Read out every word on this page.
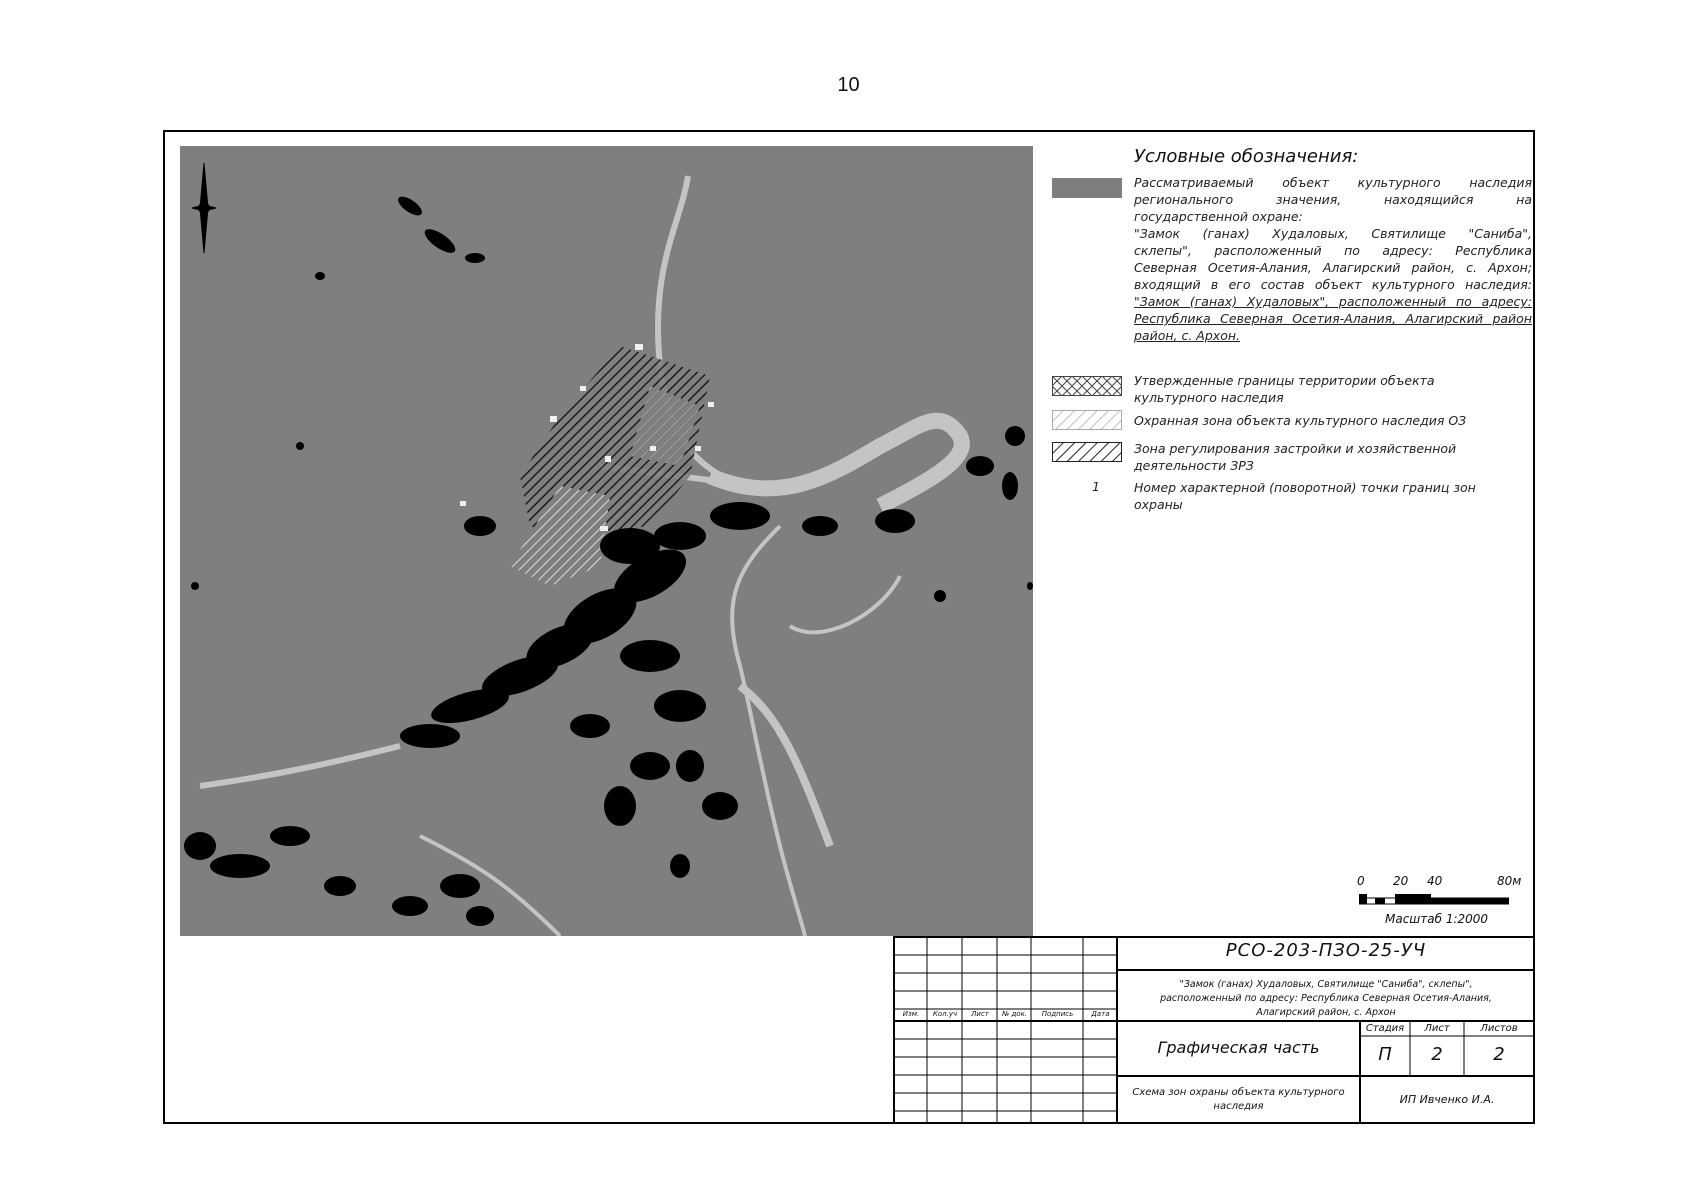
10
Условные обозначения:
Рассматриваемый объект культурного наследия
регионального значения, находящийся на
государственной охране:
"Замок (ганах) Худаловых, Святилище "Санибa",
склепы", расположенный по адресу: Республика
Северная Осетия-Алания, Алагирский район, с. Архон;
входящий в его состав объект культурного наследия:
"Замок (ганах) Худаловых", расположенный по адресу:
Республика Северная Осетия-Алания, Алагирский район
район, с. Архон.
Утвержденные границы территории объекта
культурного наследия
Охранная зона объекта культурного наследия ОЗ
Зона регулирования застройки и хозяйственной
деятельности ЗРЗ
1	Номер характерной (поворотной) точки границ зон
охраны
0 20 40	80м
Масштаб 1:2000
Изм.	Кол.уч	Лист	№ док.	Подпись	Дата
РСО-203-ПЗО-25-УЧ
"Замок (ганах) Худаловых, Святилище "Санибa", склепы",
расположенный по адресу: Республика Северная Осетия-Алания,
Алагирский район, с. Архон
Графическая часть
Стадия	Лист	Листов
П	2	2
Схема зон охраны объекта культурного
наследия
ИП Ивченко И.А.
